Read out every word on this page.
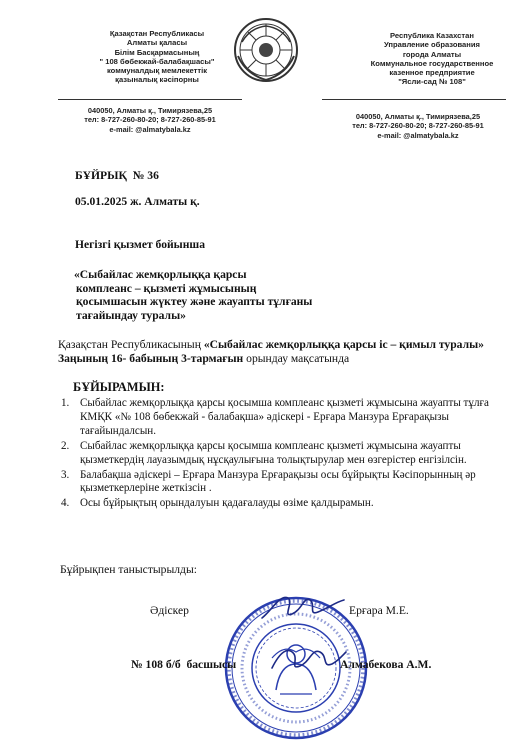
Қазақстан Республикасы
Алматы қаласы
Білім Басқармасының
" 108 бөбекжай-балабақшасы"
коммуналдық мемлекеттік
қазыналық кәсіпорны
Республика Казахстан
Управление образования
города Алматы
Коммунальное государственное
казенное предприятие
"Ясли-сад № 108"
040050, Алматы қ., Тимирязева,25
тел: 8-727-260-80-20; 8-727-260-85-91
e-mail: @almatybala.kz
040050, Алматы қ., Тимирязева,25
тел: 8-727-260-80-20; 8-727-260-85-91
e-mail: @almatybala.kz
БҰЙРЫҚ  № 36
05.01.2025 ж. Алматы қ.
Негізгі қызмет бойынша
«Сыбайлас жемқорлыққа қарсы
комплеанс – қызметі жұмысының
қосымшасын жүктеу және жауапты тұлғаны
тағайындау туралы»
Қазақстан Республикасының «Сыбайлас жемқорлыққа қарсы іс – қимыл туралы» Заңының 16- бабының 3-тармағын орындау мақсатында
БҰЙЫРАМЫН:
1. Сыбайлас жемқорлыққа қарсы қосымша комплеанс қызметі жұмысына жауапты тұлға КМҚК «№ 108 бөбекжай - балабақша» әдіскері - Ерғара Манзура Ерғарақызы тағайындалсын.
2. Сыбайлас жемқорлыққа қарсы қосымша комплеанс қызметі жұмысына жауапты қызметкердің лауазымдық нұсқаулығына толықтырулар мен өзгерістер енгізілсін.
3. Балабақша әдіскері – Ерғара Манзура Ерғарақызы осы бұйрықты Кәсіпорынның әр қызметкерлеріне жеткізсін .
4. Осы бұйрықтың орындалуын қадағалауды өзіме қалдырамын.
Бұйрықпен таныстырылды:
Әдіскер	Ерғара М.Е.
№ 108 б/б  басшысы	Алмабекова А.М.
